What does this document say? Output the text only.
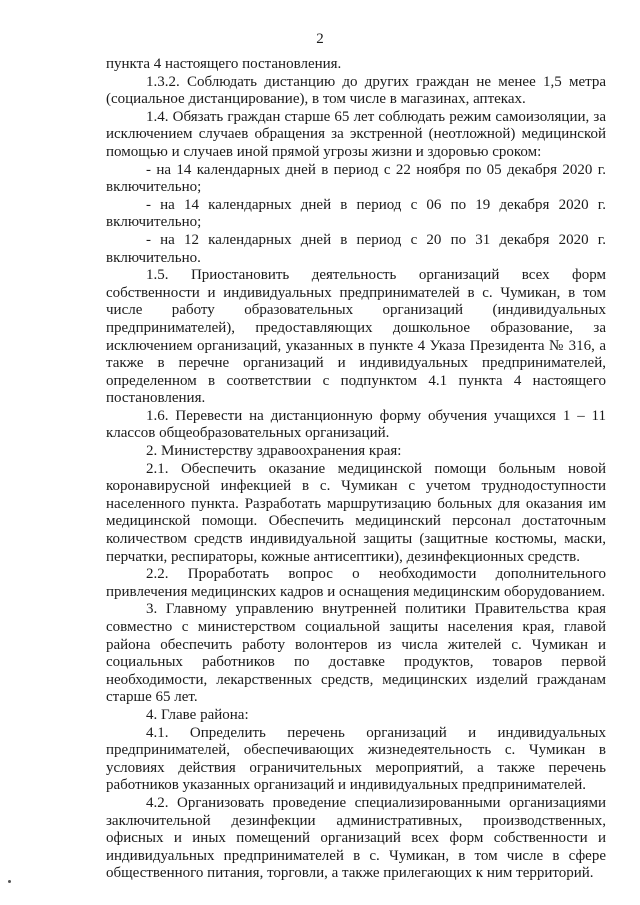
2

пункта 4 настоящего постановления.

1.3.2. Соблюдать дистанцию до других граждан не менее 1,5 метра (социальное дистанцирование), в том числе в магазинах, аптеках.

1.4. Обязать граждан старше 65 лет соблюдать режим самоизоляции, за исключением случаев обращения за экстренной (неотложной) медицинской помощью и случаев иной прямой угрозы жизни и здоровью сроком:

- на 14 календарных дней в период с 22 ноября по 05 декабря 2020 г. включительно;

- на 14 календарных дней в период с 06 по 19 декабря 2020 г. включительно;

- на 12 календарных дней в период с 20 по 31 декабря 2020 г. включительно.

1.5. Приостановить деятельность организаций всех форм собственности и индивидуальных предпринимателей в с. Чумикан, в том числе работу образовательных организаций (индивидуальных предпринимателей), предоставляющих дошкольное образование, за исключением организаций, указанных в пункте 4 Указа Президента № 316, а также в перечне организаций и индивидуальных предпринимателей, определенном в соответствии с подпунктом 4.1 пункта 4 настоящего постановления.

1.6. Перевести на дистанционную форму обучения учащихся 1 – 11 классов общеобразовательных организаций.

2. Министерству здравоохранения края:

2.1. Обеспечить оказание медицинской помощи больным новой коронавирусной инфекцией в с. Чумикан с учетом труднодоступности населенного пункта. Разработать маршрутизацию больных для оказания им медицинской помощи. Обеспечить медицинский персонал достаточным количеством средств индивидуальной защиты (защитные костюмы, маски, перчатки, респираторы, кожные антисептики), дезинфекционных средств.

2.2. Проработать вопрос о необходимости дополнительного привлечения медицинских кадров и оснащения медицинским оборудованием.

3. Главному управлению внутренней политики Правительства края совместно с министерством социальной защиты населения края, главой района обеспечить работу волонтеров из числа жителей с. Чумикан и социальных работников по доставке продуктов, товаров первой необходимости, лекарственных средств, медицинских изделий гражданам старше 65 лет.

4. Главе района:

4.1. Определить перечень организаций и индивидуальных предпринимателей, обеспечивающих жизнедеятельность с. Чумикан в условиях действия ограничительных мероприятий, а также перечень работников указанных организаций и индивидуальных предпринимателей.

4.2. Организовать проведение специализированными организациями заключительной дезинфекции административных, производственных, офисных и иных помещений организаций всех форм собственности и индивидуальных предпринимателей в с. Чумикан, в том числе в сфере общественного питания, торговли, а также прилегающих к ним территорий.
